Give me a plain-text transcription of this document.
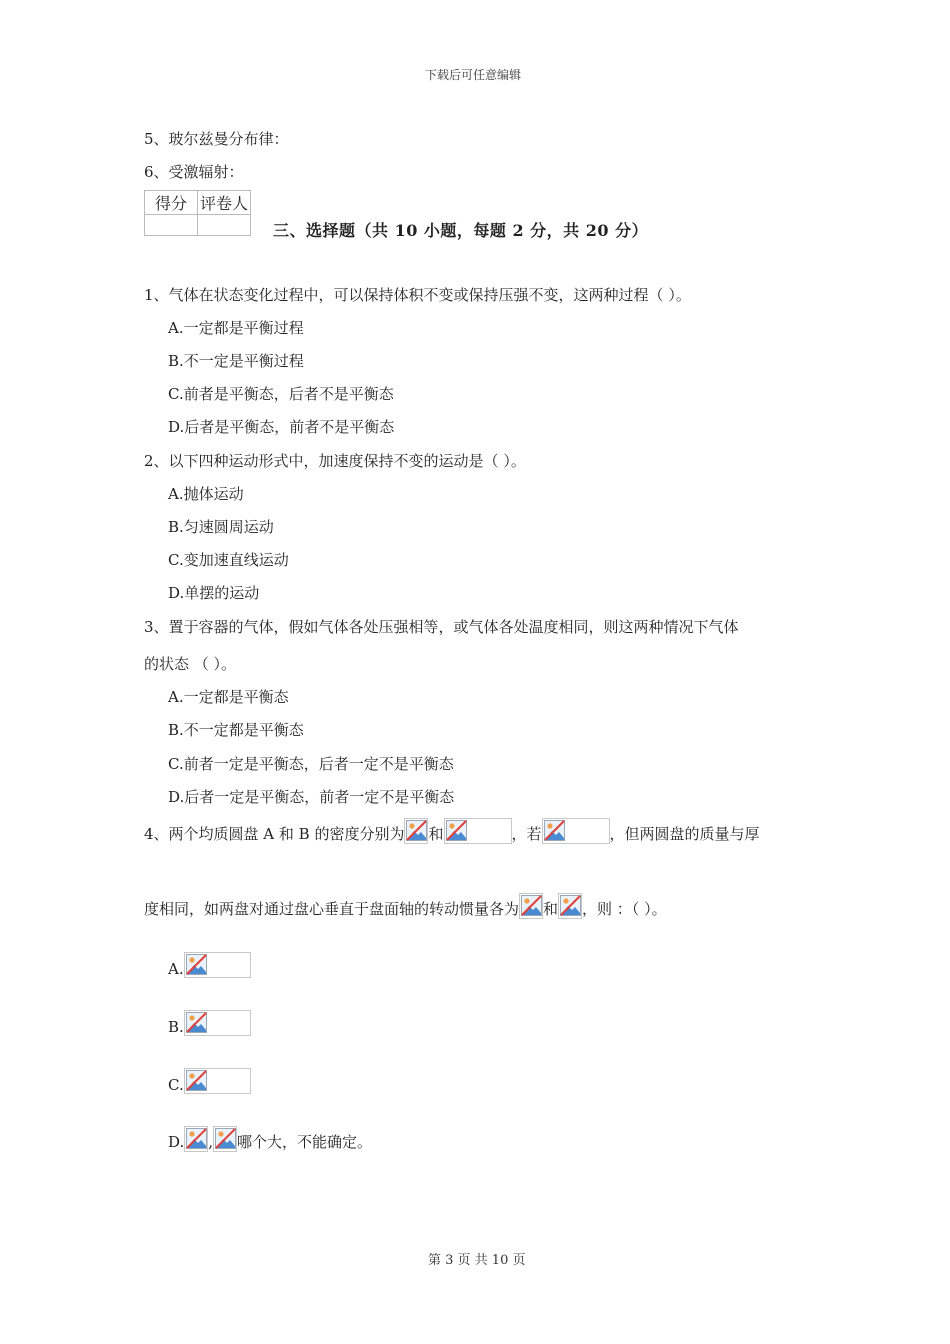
下载后可任意编辑
5、玻尔兹曼分布律：
6、受激辐射：
得分	评卷人

三、选择题（共 10 小题，每题 2 分，共 20 分）
1、气体在状态变化过程中，可以保持体积不变或保持压强不变，这两种过程（ ）。
A.一定都是平衡过程
B.不一定是平衡过程
C.前者是平衡态，后者不是平衡态
D.后者是平衡态，前者不是平衡态
2、以下四种运动形式中，加速度保持不变的运动是（ ）。
A.抛体运动
B.匀速圆周运动
C.变加速直线运动
D.单摆的运动
3、置于容器的气体，假如气体各处压强相等，或气体各处温度相同，则这两种情况下气体
的状态 （ ）。
A.一定都是平衡态
B.不一定都是平衡态
C.前者一定是平衡态，后者一定不是平衡态
D.后者一定是平衡态，前者一定不是平衡态
4、两个均质圆盘 A 和 B 的密度分别为 和	，若	，但两圆盘的质量与厚
度相同，如两盘对通过盘心垂直于盘面轴的转动惯量各为 和 ，则 ：（ ）。
A.
B.
C.
D. , 哪个大，不能确定。
第 3 页 共 10 页
